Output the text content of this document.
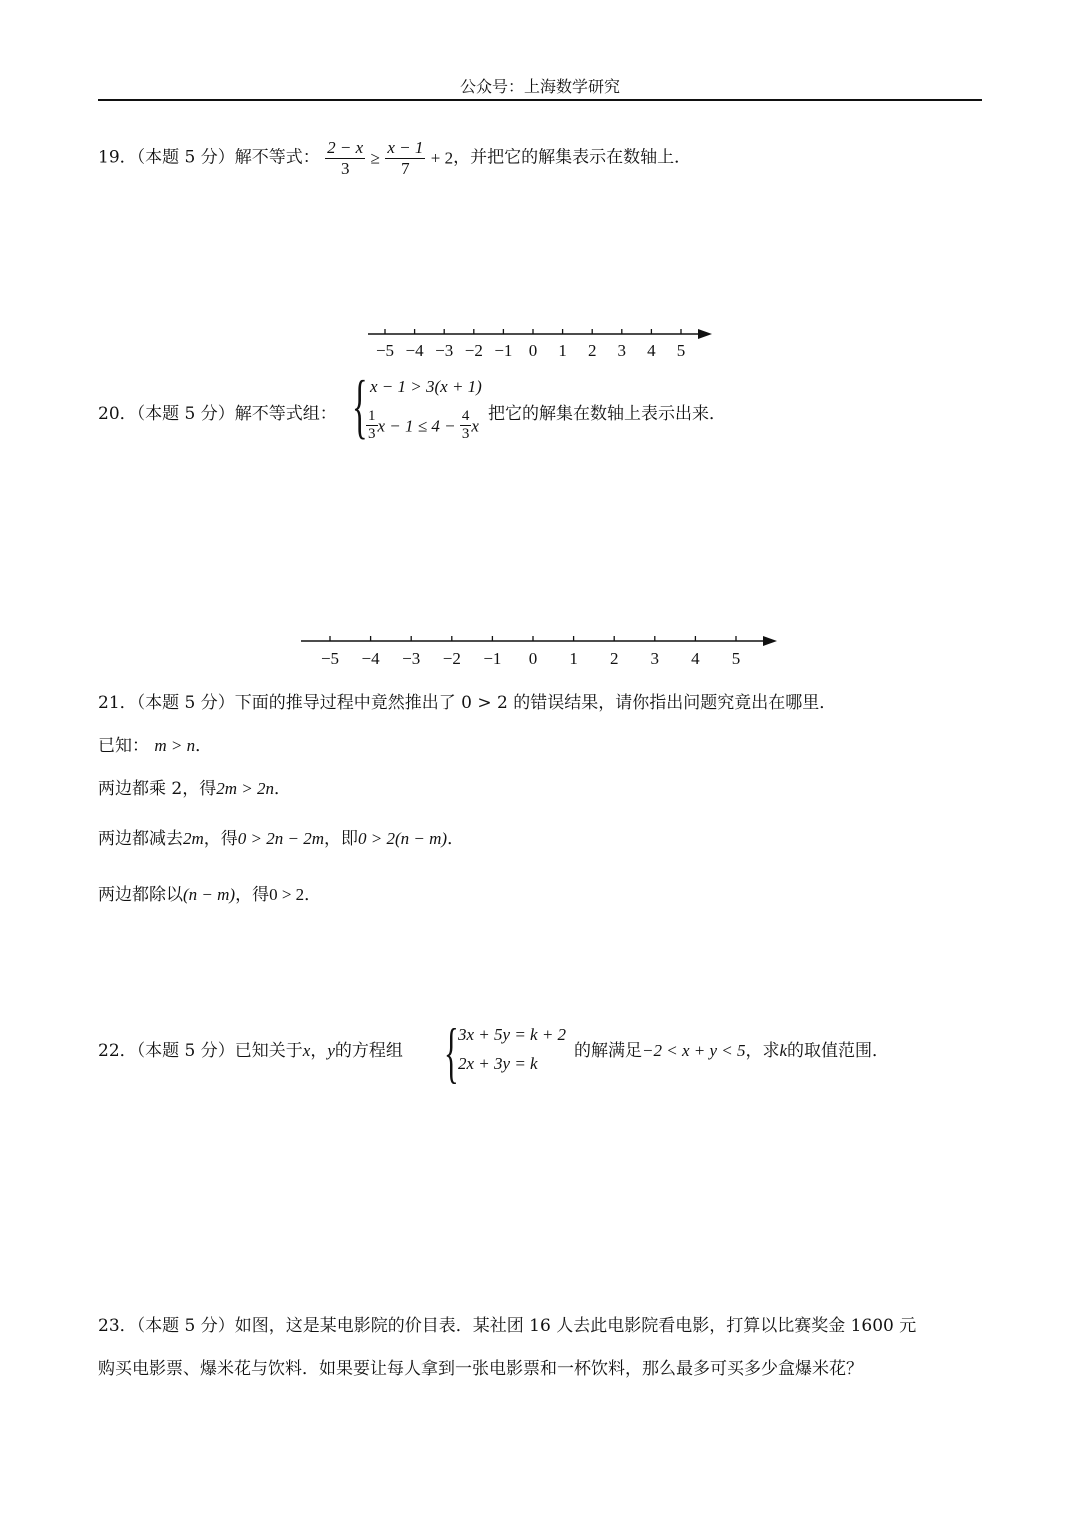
公众号：上海数学研究
19．（本题 5 分）解不等式： $\frac{2 - x}{3} \ge \frac{x - 1}{7} + 2$，并把它的解集表示在数轴上．
−5 −4 −3 −2 −1 0 1 2 3 4 5
20．（本题 5 分）解不等式组： { x − 1 > 3(x + 1)
$\frac{1}{3}$ $x - 1 \le 4 - \frac{4}{3}$ x
把它的解集在数轴上表示出来．
−5 −4 −3 −2 −1 0 1 2 3 4 5
21．（本题 5 分）下面的推导过程中竟然推出了 0 > 2 的错误结果，请你指出问题究竟出在哪里．
已知： m > n．
两边都乘 2，得2m > 2n．
两边都减去2m，得0 > 2n − 2m，即0 > 2(n − m)．
两边都除以(n − m)，得0 > 2．
22．（本题 5 分）已知关于x，y的方程组 { 3x + 5y = k + 2
2x + 3y = k
的解满足−2 < x + y < 5，求k的取值范围．
23．（本题 5 分）如图，这是某电影院的价目表．某社团 16 人去此电影院看电影，打算以比赛奖金 1600 元
购买电影票、爆米花与饮料．如果要让每人拿到一张电影票和一杯饮料，那么最多可买多少盒爆米花？
